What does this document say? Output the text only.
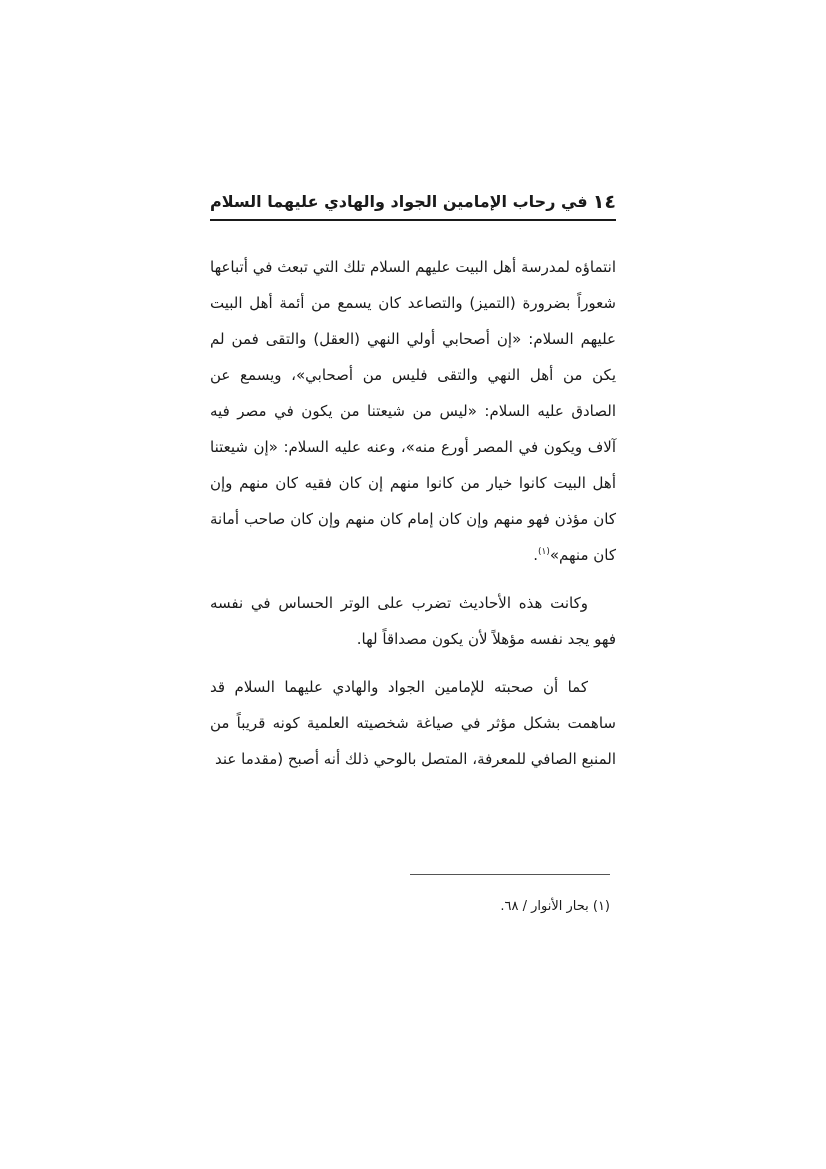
١٤
في رحاب الإمامين الجواد والهادي ﻋﻠﻴﻬﻤﺎ ﺍﻟﺴﻼﻡ

انتماؤه لمدرسة أهل البيت ﻋﻠﻴﻬﻢ ﺍﻟﺴﻼﻡ تلك التي تبعث في أتباعها شعوراً بضرورة (التميز) والتصاعد كان يسمع من أئمة أهل البيت ﻋﻠﻴﻬﻢ ﺍﻟﺴﻼﻡ: «إن أصحابي أولي النهي (العقل) والتقى فمن لم يكن من أهل النهي والتقى فليس من أصحابي»، ويسمع عن الصادق ﻋﻠﻴﻪ ﺍﻟﺴﻼﻡ: «ليس من شيعتنا من يكون في مصر فيه آلاف ويكون في المصر أورع منه»، وعنه ﻋﻠﻴﻪ ﺍﻟﺴﻼﻡ: «إن شيعتنا أهل البيت كانوا خيار من كانوا منهم إن كان فقيه كان منهم وإن كان مؤذن فهو منهم وإن كان إمام كان منهم وإن كان صاحب أمانة كان منهم»$^{(١)}$.

وكانت هذه الأحاديث تضرب على الوتر الحساس في نفسه فهو يجد نفسه مؤهلاً لأن يكون مصداقاً لها.

كما أن صحبته للإمامين الجواد والهادي ﻋﻠﻴﻬﻤﺎ ﺍﻟﺴﻼﻡ قد ساهمت بشكل مؤثر في صياغة شخصيته العلمية كونه قريباً من المنبع الصافي للمعرفة، المتصل بالوحي ذلك أنه أصبح (مقدما عند

(١) بحار الأنوار / ٦٨.
